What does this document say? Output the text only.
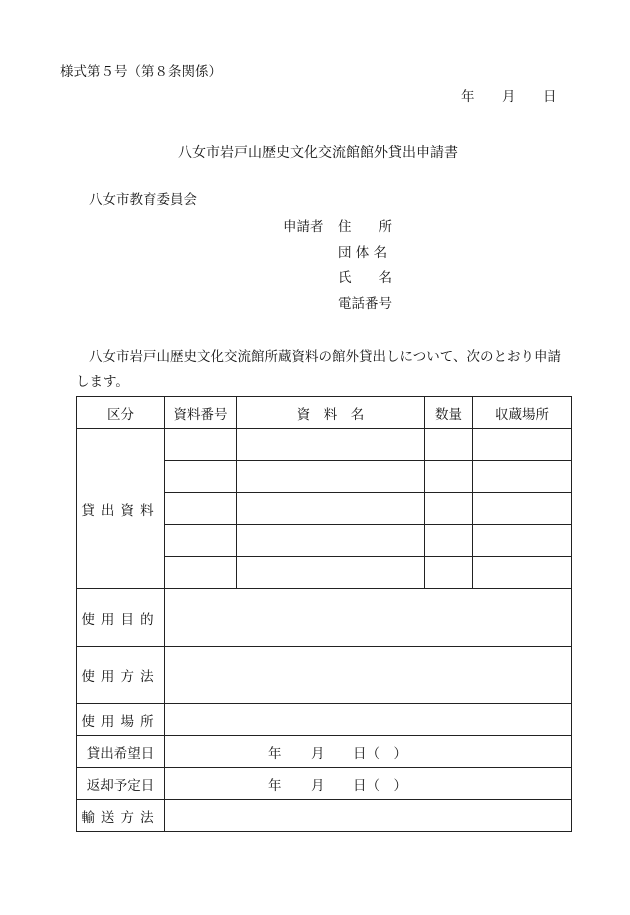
様式第５号（第８条関係）
年 月 日
八女市岩戸山歴史文化交流館館外貸出申請書
八女市教育委員会
申請者 住　　所
団 体 名
氏　　名
電話番号
八女市岩戸山歴史文化交流館所蔵資料の館外貸出しについて、次のとおり申請
します。
区分	資料番号	資　料　名	数量	収蔵場所
貸出資料				

使用目的				
使用方法				
使用場所				
貸出希望日	年 月 日（　）			

返却予定日	年 月 日（　）			

輸送方法				
